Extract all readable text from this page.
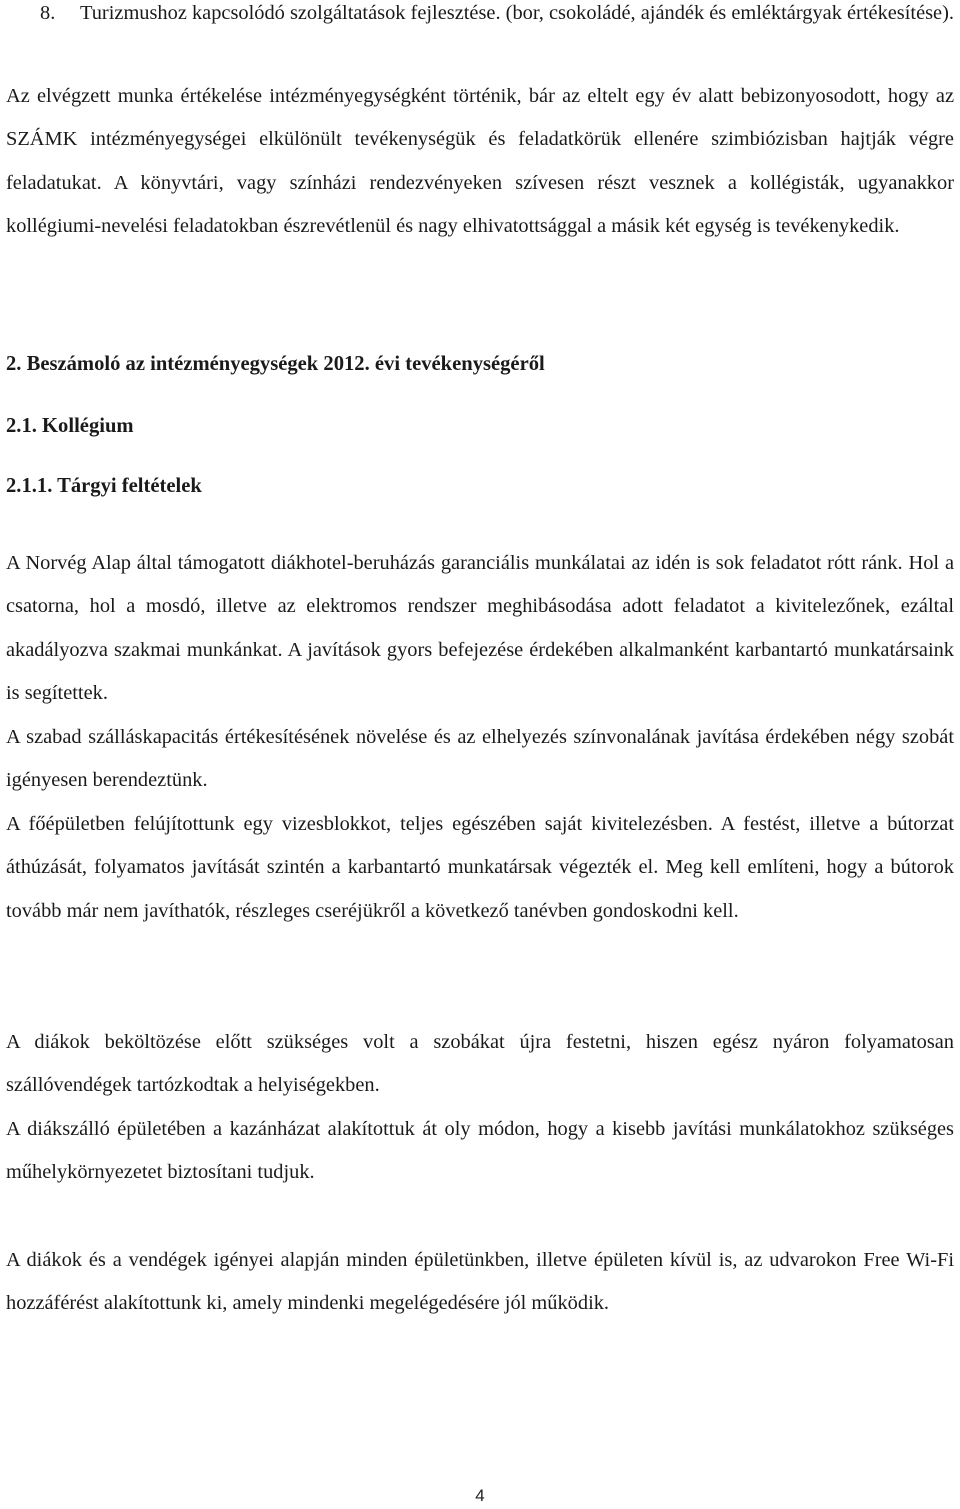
8. Turizmushoz kapcsolódó szolgáltatások fejlesztése. (bor, csokoládé, ajándék és emléktárgyak értékesítése).

Az elvégzett munka értékelése intézményegységként történik, bár az eltelt egy év alatt bebizonyosodott, hogy az SZÁMK intézményegységei elkülönült tevékenységük és feladatkörük ellenére szimbiózisban hajtják végre feladatukat. A könyvtári, vagy színházi rendezvényeken szívesen részt vesznek a kollégisták, ugyanakkor kollégiumi-nevelési feladatokban észrevétlenül és nagy elhivatottsággal a másik két egység is tevékenykedik.

2. Beszámoló az intézményegységek 2012. évi tevékenységéről
2.1. Kollégium
2.1.1. Tárgyi feltételek

A Norvég Alap által támogatott diákhotel-beruházás garanciális munkálatai az idén is sok feladatot rótt ránk. Hol a csatorna, hol a mosdó, illetve az elektromos rendszer meghibásodása adott feladatot a kivitelezőnek, ezáltal akadályozva szakmai munkánkat. A javítások gyors befejezése érdekében alkalmanként karbantartó munkatársaink is segítettek.

A szabad szálláskapacitás értékesítésének növelése és az elhelyezés színvonalának javítása érdekében négy szobát igényesen berendeztünk.

A főépületben felújítottunk egy vizesblokkot, teljes egészében saját kivitelezésben. A festést, illetve a bútorzat áthúzását, folyamatos javítását szintén a karbantartó munkatársak végezték el. Meg kell említeni, hogy a bútorok tovább már nem javíthatók, részleges cseréjükről a következő tanévben gondoskodni kell.

A diákok beköltözése előtt szükséges volt a szobákat újra festetni, hiszen egész nyáron folyamatosan szállóvendégek tartózkodtak a helyiségekben.

A diákszálló épületében a kazánházat alakítottuk át oly módon, hogy a kisebb javítási munkálatokhoz szükséges műhelykörnyezetet biztosítani tudjuk.

A diákok és a vendégek igényei alapján minden épületünkben, illetve épületen kívül is, az udvarokon Free Wi-Fi hozzáférést alakítottunk ki, amely mindenki megelégedésére jól működik.

4
